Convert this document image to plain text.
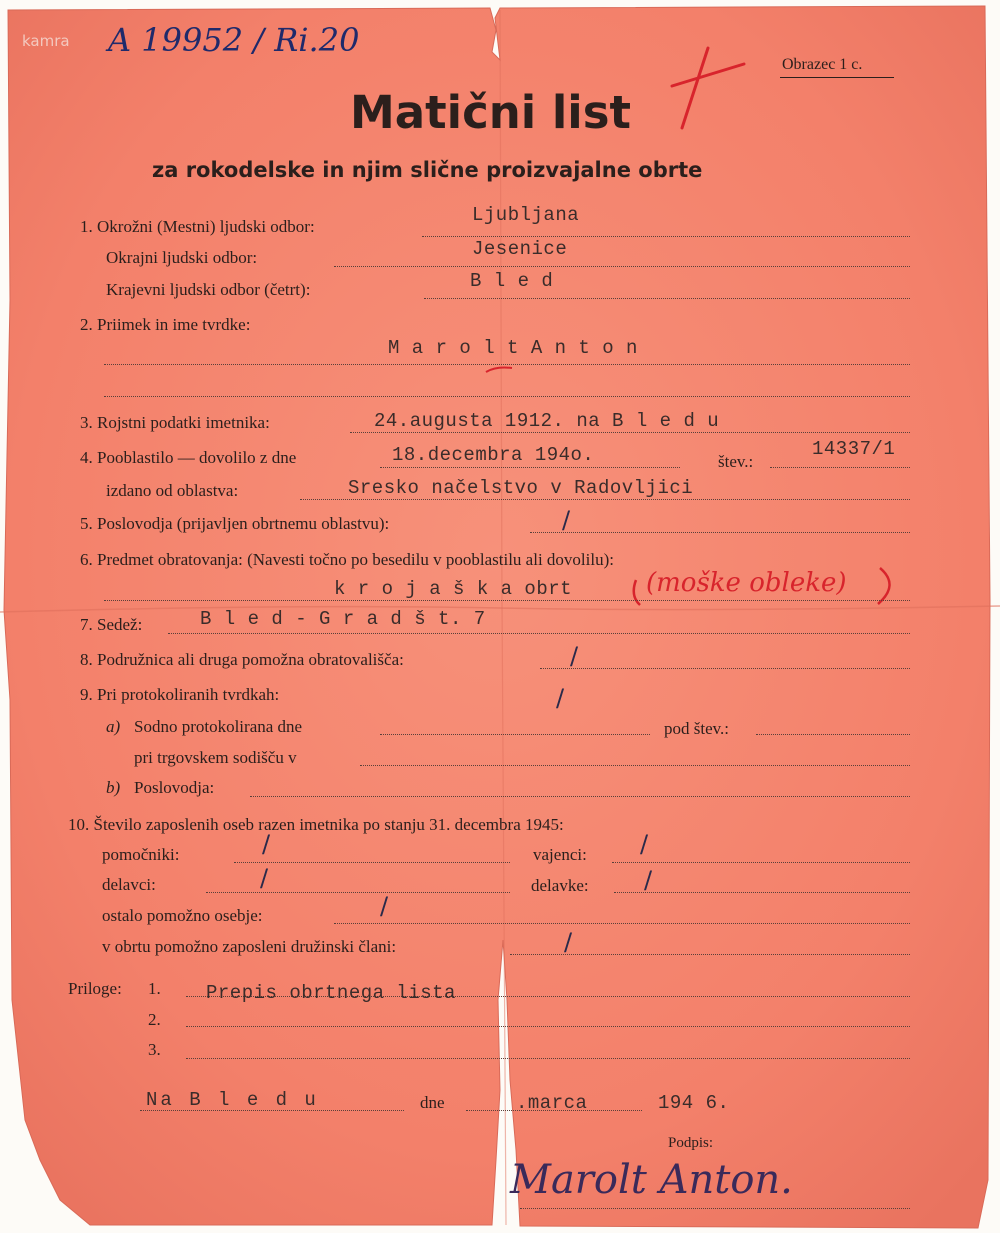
kamra A 19952 / Ri.20
Obrazec 1 c.
Matični list
za rokodelske in njim slične proizvajalne obrte
1. Okrožni (Mestni) ljudski odbor:
Ljubljana
Okrajni ljudski odbor:	Jesenice
Krajevni ljudski odbor (četrt):	B l e d
2. Priimek in ime tvrdke:
M a r o l t A n t o n
3. Rojstni podatki imetnika:	24.augusta 1912. na B l e d u
4. Pooblastilo — dovolilo z dne	18.decembra 194o.	štev.:
14337/1
izdano od oblastva:	Sresko načelstvo v Radovljici
5. Poslovodja (prijavljen obrtnemu oblastvu):	/
6. Predmet obratovanja: (Navesti točno po besedilu v pooblastilu ali dovolilu):
k r o j a š k a obrt	(moške obleke)
7. Sedež:	B l e d - G r a d š t. 7
8. Podružnica ali druga pomožna obratovališča:	/
9. Pri protokoliranih tvrdkah:	/
a) Sodno protokolirana dne	pod štev.:
pri trgovskem sodišču v
b) Poslovodja:
10. Število zaposlenih oseb razen imetnika po stanju 31. decembra 1945:
pomočniki:	/	vajenci: /
delavci:	/	delavke: /
ostalo pomožno osebje:	/
v obrtu pomožno zaposleni družinski člani:	/
Priloge: 1. Prepis obrtnega lista
2.
3.
Na B l e d u	dne	.marca	194 6.
Podpis:
Marolt Anton.
